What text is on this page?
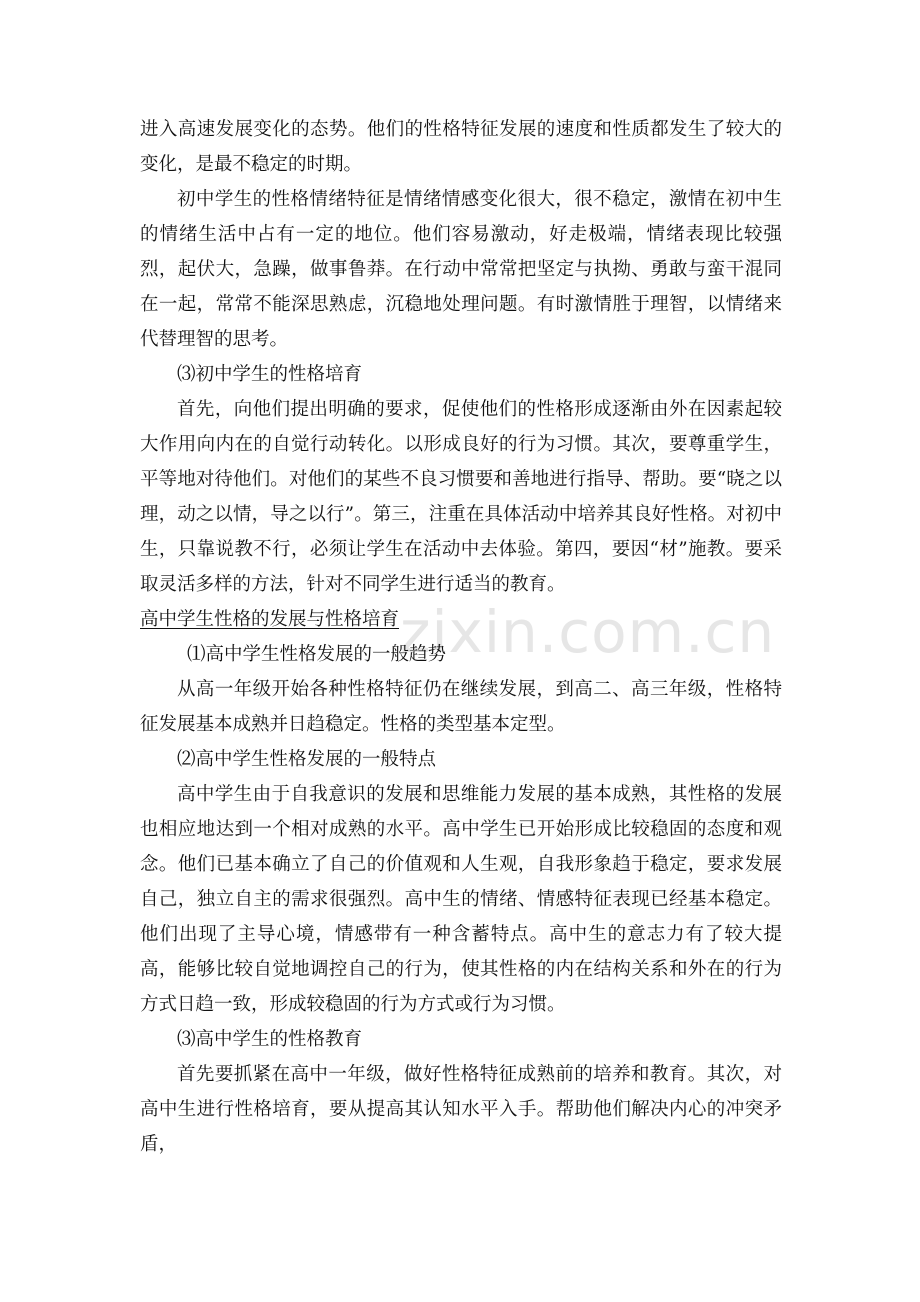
zixin.com.cn

进入高速发展变化的态势。他们的性格特征发展的速度和性质都发生了较大的变化，是最不稳定的时期。

初中学生的性格情绪特征是情绪情感变化很大，很不稳定，激情在初中生的情绪生活中占有一定的地位。他们容易激动，好走极端，情绪表现比较强烈，起伏大，急躁，做事鲁莽。在行动中常常把坚定与执拗、勇敢与蛮干混同在一起，常常不能深思熟虑，沉稳地处理问题。有时激情胜于理智，以情绪来代替理智的思考。

⑶初中学生的性格培育

首先，向他们提出明确的要求，促使他们的性格形成逐渐由外在因素起较大作用向内在的自觉行动转化。以形成良好的行为习惯。其次，要尊重学生，平等地对待他们。对他们的某些不良习惯要和善地进行指导、帮助。要“晓之以理，动之以情，导之以行”。第三，注重在具体活动中培养其良好性格。对初中生，只靠说教不行，必须让学生在活动中去体验。第四，要因“材”施教。要采取灵活多样的方法，针对不同学生进行适当的教育。

高中学生性格的发展与性格培育

⑴高中学生性格发展的一般趋势

从高一年级开始各种性格特征仍在继续发展，到高二、高三年级，性格特征发展基本成熟并日趋稳定。性格的类型基本定型。

⑵高中学生性格发展的一般特点

高中学生由于自我意识的发展和思维能力发展的基本成熟，其性格的发展也相应地达到一个相对成熟的水平。高中学生已开始形成比较稳固的态度和观念。他们已基本确立了自己的价值观和人生观，自我形象趋于稳定，要求发展自己，独立自主的需求很强烈。高中生的情绪、情感特征表现已经基本稳定。他们出现了主导心境，情感带有一种含蓄特点。高中生的意志力有了较大提高，能够比较自觉地调控自己的行为，使其性格的内在结构关系和外在的行为方式日趋一致，形成较稳固的行为方式或行为习惯。

⑶高中学生的性格教育

首先要抓紧在高中一年级，做好性格特征成熟前的培养和教育。其次，对高中生进行性格培育，要从提高其认知水平入手。帮助他们解决内心的冲突矛盾，
